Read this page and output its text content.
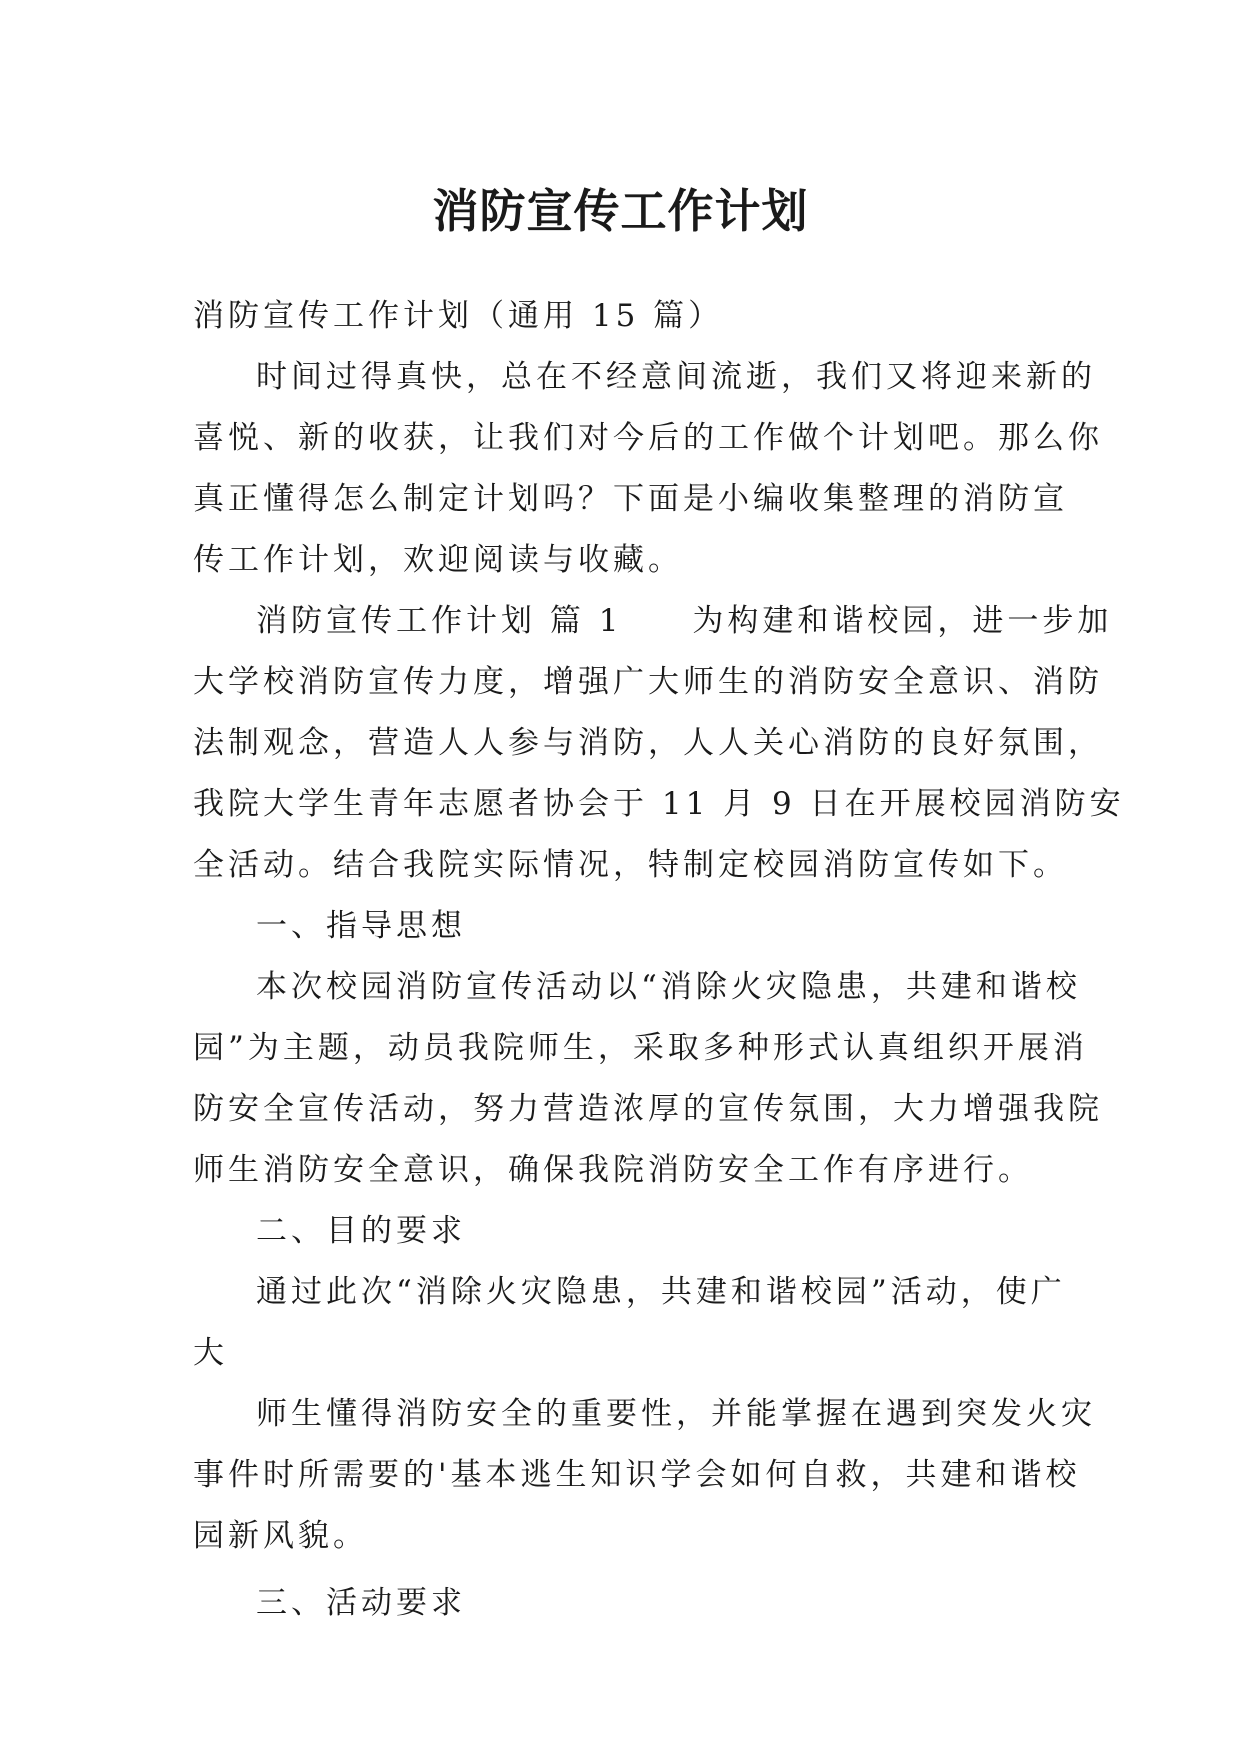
消防宣传工作计划
消防宣传工作计划（通用 15 篇）
时间过得真快，总在不经意间流逝，我们又将迎来新的
喜悦、新的收获，让我们对今后的工作做个计划吧。那么你
真正懂得怎么制定计划吗？下面是小编收集整理的消防宣
传工作计划，欢迎阅读与收藏。
消防宣传工作计划 篇 1　　为构建和谐校园，进一步加
大学校消防宣传力度，增强广大师生的消防安全意识、消防
法制观念，营造人人参与消防，人人关心消防的良好氛围，
我院大学生青年志愿者协会于 11 月 9 日在开展校园消防安
全活动。结合我院实际情况，特制定校园消防宣传如下。
一、指导思想
本次校园消防宣传活动以“消除火灾隐患，共建和谐校
园”为主题，动员我院师生，采取多种形式认真组织开展消
防安全宣传活动，努力营造浓厚的宣传氛围，大力增强我院
师生消防安全意识，确保我院消防安全工作有序进行。
二、目的要求
通过此次“消除火灾隐患，共建和谐校园”活动，使广
大
师生懂得消防安全的重要性，并能掌握在遇到突发火灾
事件时所需要的'基本逃生知识学会如何自救，共建和谐校
园新风貌。
三、活动要求
